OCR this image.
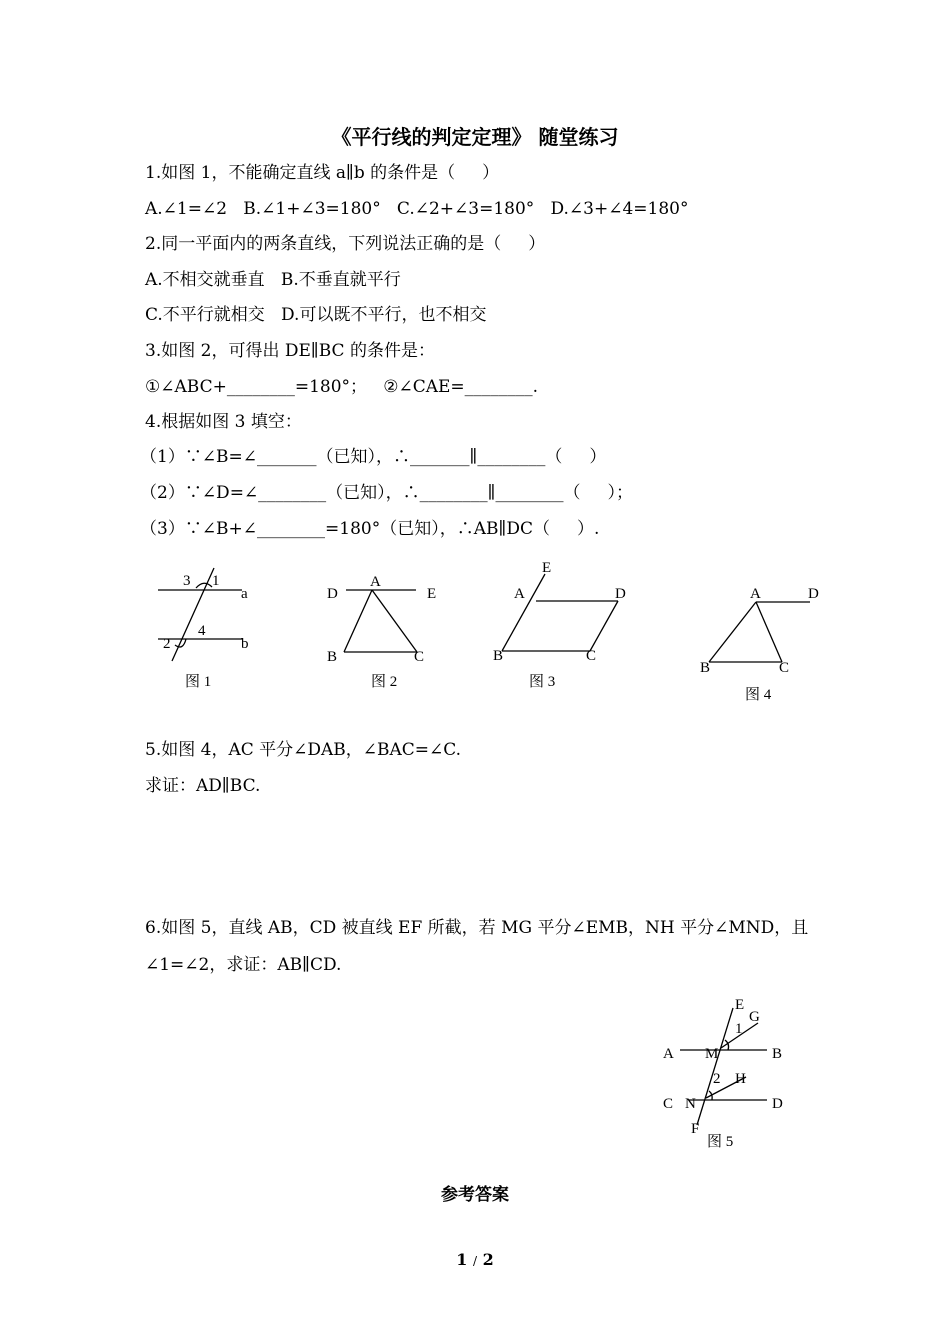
《平行线的判定定理》 随堂练习
1.如图 1，不能确定直线 a∥b 的条件是（     ）
A.∠1=∠2   B.∠1+∠3=180°   C.∠2+∠3=180°   D.∠3+∠4=180°
2.同一平面内的两条直线，下列说法正确的是（     ）
A.不相交就垂直   B.不垂直就平行
C.不平行就相交   D.可以既不平行，也不相交
3.如图 2，可得出 DE∥BC 的条件是：
①∠ABC+________=180°；   ②∠CAE=________.
4.根据如图 3 填空：
（1）∵∠B=∠_______（已知），∴_______∥________（     ）
（2）∵∠D=∠________（已知），∴________∥________（     ）；
（3）∵∠B+∠________=180°（已知），∴AB∥DC（     ）.
3 1
a
4
2	b
图 1
D
A
E
B	C
图 2
E
A	D
B	C
图 3
A	D
B	C
图 4
5.如图 4，AC 平分∠DAB，∠BAC=∠C.
求证：AD∥BC.
6.如图 5，直线 AB，CD 被直线 EF 所截，若 MG 平分∠EMB，NH 平分∠MND，且
∠1=∠2，求证：AB∥CD.
E
G
1
A M	B
2 H
C N	D
F
图 5
参考答案
1 / 2
